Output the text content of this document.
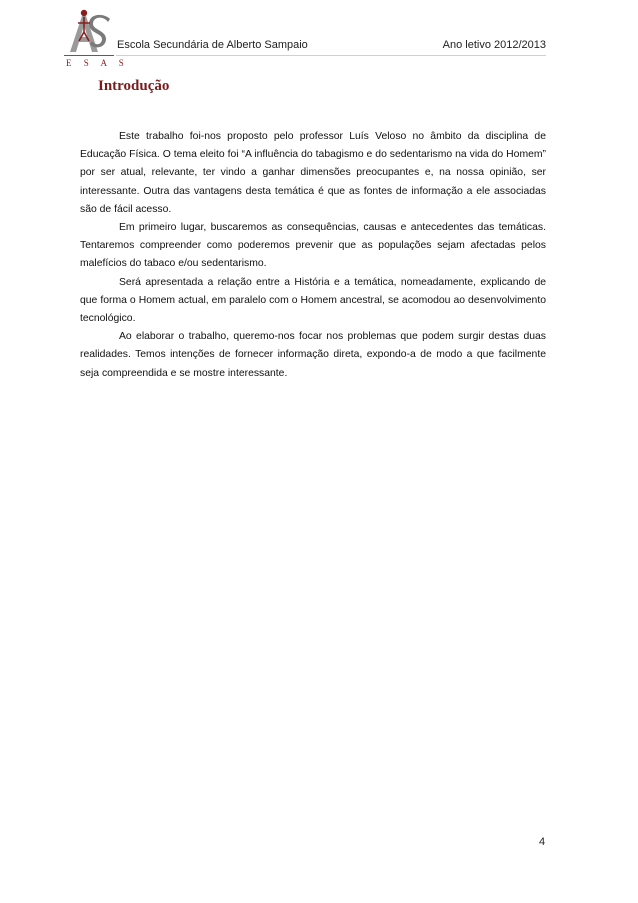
E S A S
Escola Secundária de Alberto Sampaio	Ano letivo 2012/2013
Introdução

Este trabalho foi-nos proposto pelo professor Luís Veloso no âmbito da disciplina de Educação Física. O tema eleito foi “A influência do tabagismo e do sedentarismo na vida do Homem” por ser atual, relevante, ter vindo a ganhar dimensões preocupantes e, na nossa opinião, ser interessante. Outra das vantagens desta temática é que as fontes de informação a ele associadas são de fácil acesso.

Em primeiro lugar, buscaremos as consequências, causas e antecedentes das temáticas. Tentaremos compreender como poderemos prevenir que as populações sejam afectadas pelos malefícios do tabaco e/ou sedentarismo.

Será apresentada a relação entre a História e a temática, nomeadamente, explicando de que forma o Homem actual, em paralelo com o Homem ancestral, se acomodou ao desenvolvimento tecnológico.

Ao elaborar o trabalho, queremo-nos focar nos problemas que podem surgir destas duas realidades. Temos intenções de fornecer informação direta, expondo-a de modo a que facilmente seja compreendida e se mostre interessante.

4
